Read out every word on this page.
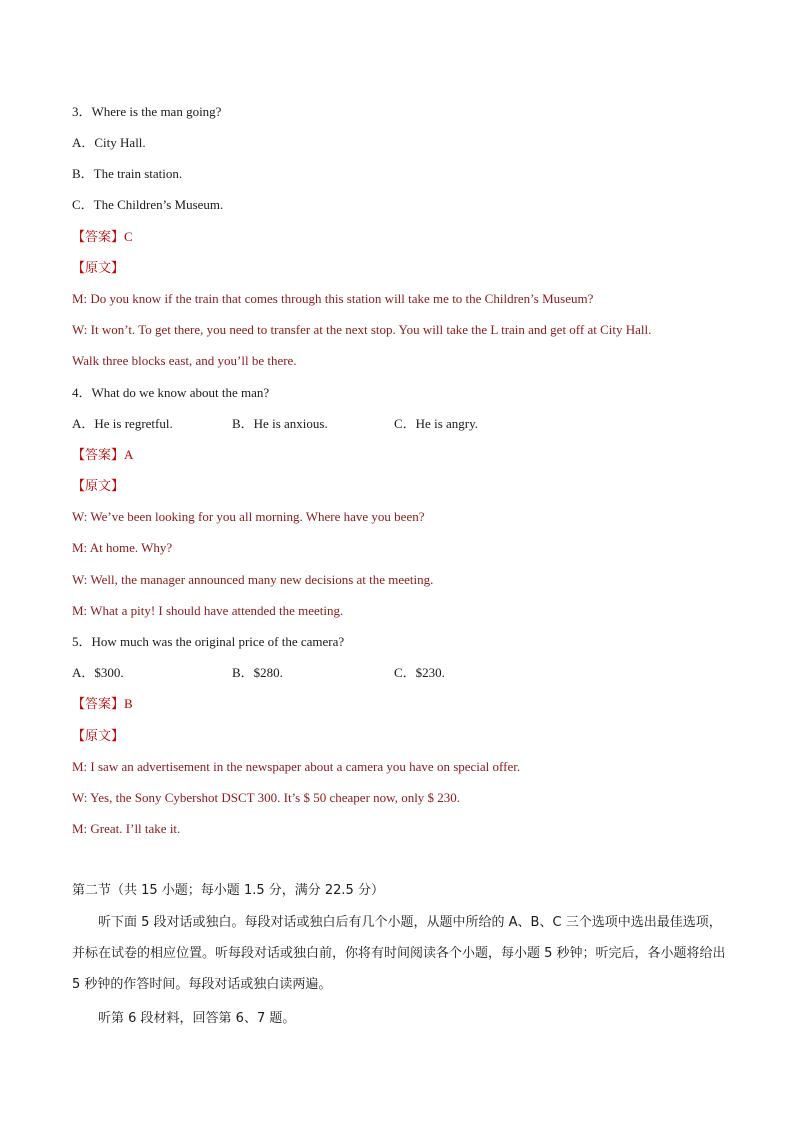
3．Where is the man going?
A．City Hall.
B．The train station.
C．The Children’s Museum.
【答案】C
【原文】
M: Do you know if the train that comes through this station will take me to the Children’s Museum?
W: It won’t. To get there, you need to transfer at the next stop. You will take the L train and get off at City Hall.
Walk three blocks east, and you’ll be there.
4．What do we know about the man?
A．He is regretful.	B．He is anxious.	C．He is angry.
【答案】A
【原文】
W: We’ve been looking for you all morning. Where have you been?
M: At home. Why?
W: Well, the manager announced many new decisions at the meeting.
M: What a pity! I should have attended the meeting.
5．How much was the original price of the camera?
A．$300.	B．$280.	C．$230.
【答案】B
【原文】
M: I saw an advertisement in the newspaper about a camera you have on special offer.
W: Yes, the Sony Cybershot DSCT 300. It’s $ 50 cheaper now, only $ 230.
M: Great. I’ll take it.
第二节（共 15 小题；每小题 1.5 分，满分 22.5 分）
听下面 5 段对话或独白。每段对话或独白后有几个小题，从题中所给的 A、B、C 三个选项中选出最佳选项，并标在试卷的相应位置。听每段对话或独白前，你将有时间阅读各个小题，每小题 5 秒钟；听完后，各小题将给出 5 秒钟的作答时间。每段对话或独白读两遍。
听第 6 段材料，回答第 6、7 题。
